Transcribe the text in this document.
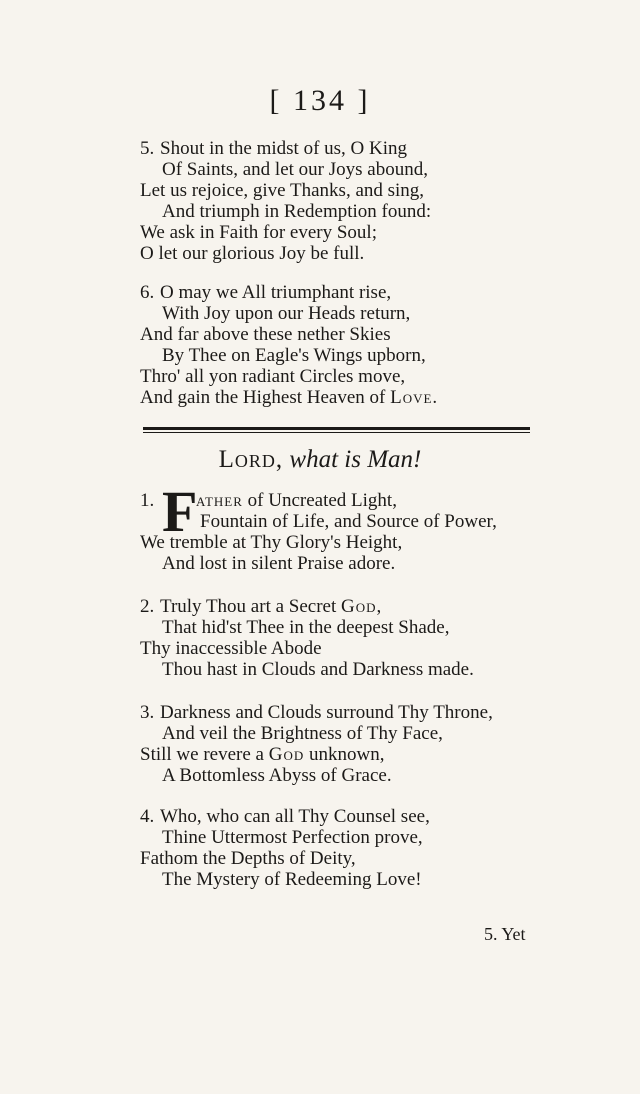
[ 134 ]
5. Shout in the midst of us, O King
Of Saints, and let our Joys abound,
Let us rejoice, give Thanks, and sing,
And triumph in Redemption found:
We ask in Faith for every Soul;
O let our glorious Joy be full.
6. O may we All triumphant rise,
With Joy upon our Heads return,
And far above these nether Skies
By Thee on Eagle's Wings upborn,
Thro' all yon radiant Circles move,
And gain the Highest Heaven of Love.
Lord, what is Man!
F
1. ather of Uncreated Light,
Fountain of Life, and Source of Power,
We tremble at Thy Glory's Height,
And lost in silent Praise adore.
2. Truly Thou art a Secret God,
That hid'st Thee in the deepest Shade,
Thy inaccessible Abode
Thou hast in Clouds and Darkness made.
3. Darkness and Clouds surround Thy Throne,
And veil the Brightness of Thy Face,
Still we revere a God unknown,
A Bottomless Abyss of Grace.
4. Who, who can all Thy Counsel see,
Thine Uttermost Perfection prove,
Fathom the Depths of Deity,
The Mystery of Redeeming Love!
5. Yet
